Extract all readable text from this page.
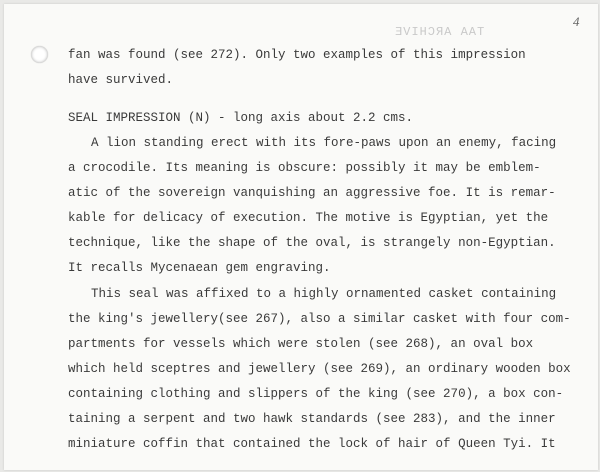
TAA ARCHIVE
4

fan was found (see 272). Only two examples of this impression

have survived.

SEAL IMPRESSION (N) - long axis about 2.2 cms.

A lion standing erect with its fore-paws upon an enemy, facing

a crocodile. Its meaning is obscure: possibly it may be emblem-

atic of the sovereign vanquishing an aggressive foe. It is remar-

kable for delicacy of execution. The motive is Egyptian, yet the

technique, like the shape of the oval, is strangely non-Egyptian.

It recalls Mycenaean gem engraving.

This seal was affixed to a highly ornamented casket containing

the king's jewellery(see 267), also a similar casket with four com-

partments for vessels which were stolen (see 268), an oval box

which held sceptres and jewellery (see 269), an ordinary wooden box

containing clothing and slippers of the king (see 270), a box con-

taining a serpent and two hawk standards (see 283), and the inner

miniature coffin that contained the lock of hair of Queen Tyi. It
